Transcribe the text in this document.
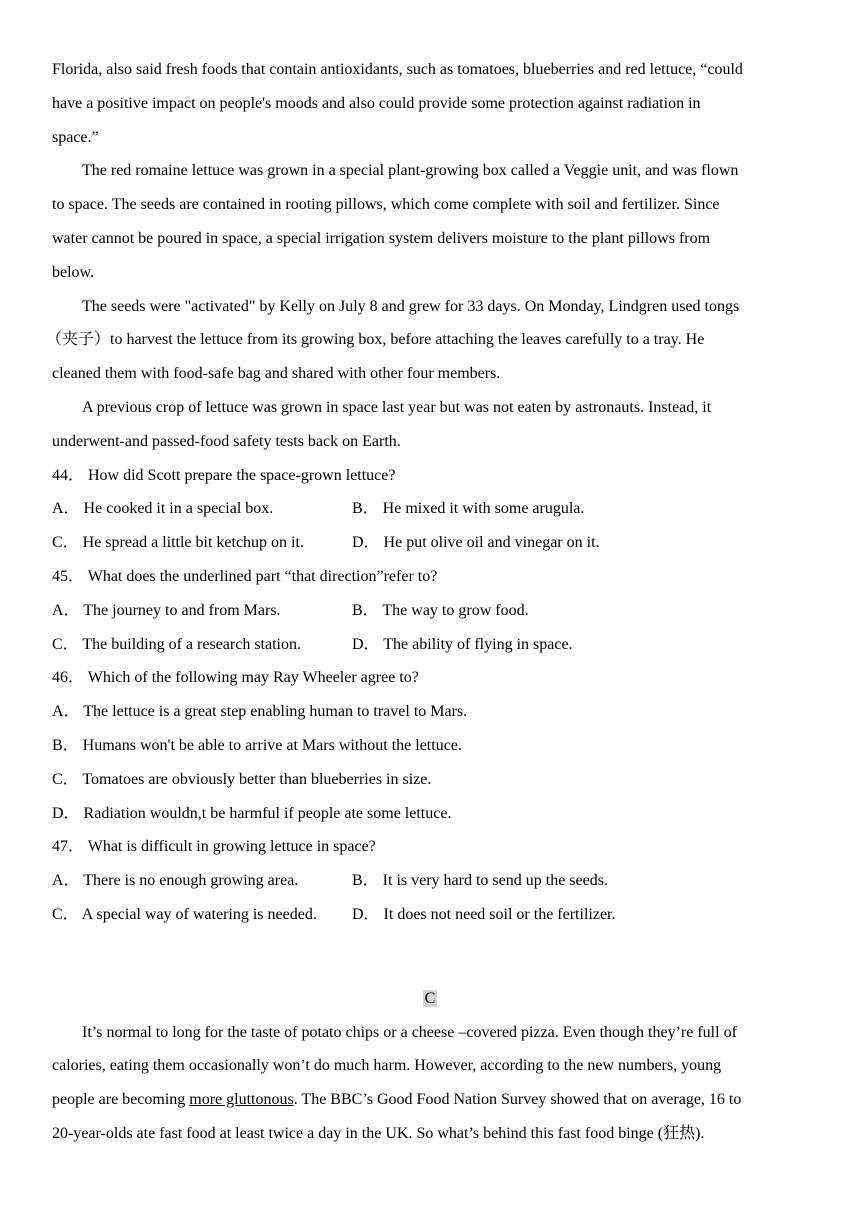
Florida, also said fresh foods that contain antioxidants, such as tomatoes, blueberries and red lettuce, “could
have a positive impact on people's moods and also could provide some protection against radiation in
space.”
The red romaine lettuce was grown in a special plant-growing box called a Veggie unit, and was flown
to space. The seeds are contained in rooting pillows, which come complete with soil and fertilizer. Since
water cannot be poured in space, a special irrigation system delivers moisture to the plant pillows from
below.
The seeds were "activated" by Kelly on July 8 and grew for 33 days. On Monday, Lindgren used tongs
（夹子）to harvest the lettuce from its growing box, before attaching the leaves carefully to a tray. He
cleaned them with food-safe bag and shared with other four members.
A previous crop of lettuce was grown in space last year but was not eaten by astronauts. Instead, it
underwent-and passed-food safety tests back on Earth.
44． How did Scott prepare the space-grown lettuce?
A． He cooked it in a special box.	B． He mixed it with some arugula.
C． He spread a little bit ketchup on it.	D． He put olive oil and vinegar on it.
45． What does the underlined part “that direction”refer to?
A． The journey to and from Mars.	B． The way to grow food.
C． The building of a research station.	D． The ability of flying in space.
46． Which of the following may Ray Wheeler agree to?
A． The lettuce is a great step enabling human to travel to Mars.
B． Humans won't be able to arrive at Mars without the lettuce.
C． Tomatoes are obviously better than blueberries in size.
D． Radiation wouldn,t be harmful if people ate some lettuce.
47． What is difficult in growing lettuce in space?
A． There is no enough growing area.	B． It is very hard to send up the seeds.
C． A special way of watering is needed.	D． It does not need soil or the fertilizer.
C
It’s normal to long for the taste of potato chips or a cheese –covered pizza. Even though they’re full of
calories, eating them occasionally won’t do much harm. However, according to the new numbers, young
people are becoming more gluttonous. The BBC’s Good Food Nation Survey showed that on average, 16 to
20-year-olds ate fast food at least twice a day in the UK. So what’s behind this fast food binge (狂热).
